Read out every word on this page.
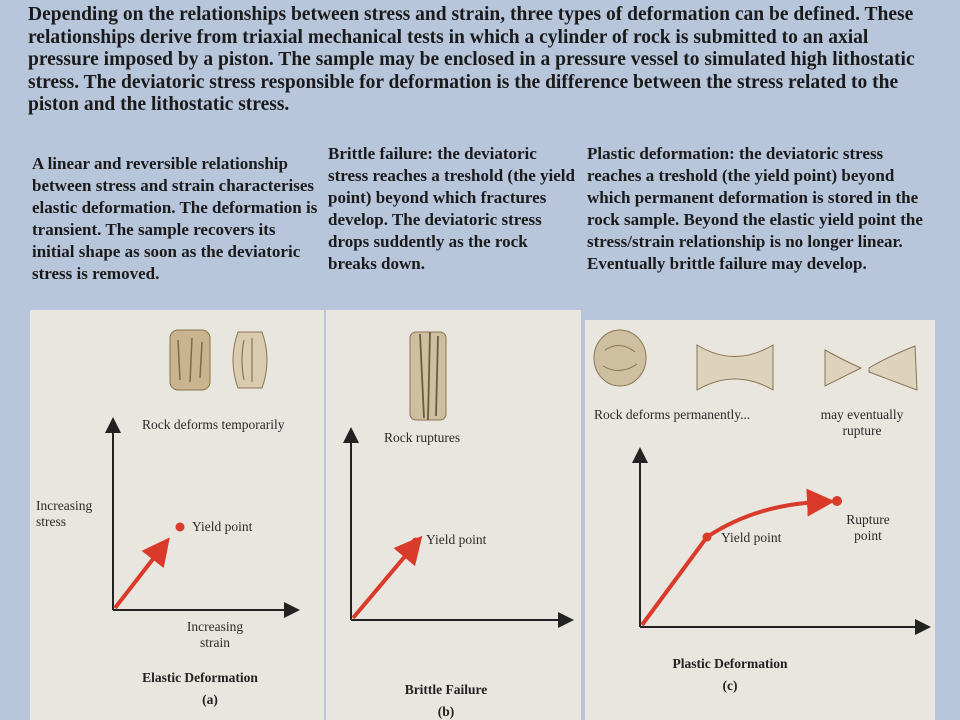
Depending on the relationships between stress and strain, three types of deformation can be defined. These relationships derive from triaxial mechanical tests in which a cylinder of rock is submitted to an axial pressure imposed by a piston. The sample may be enclosed in a pressure vessel to simulated high lithostatic stress. The deviatoric stress responsible for deformation is the difference between the stress related to the piston and the lithostatic stress.
A linear and reversible relationship between stress and strain characterises elastic deformation. The deformation is transient. The sample recovers its initial shape as soon as the deviatoric stress is removed.
Brittle failure: the deviatoric stress reaches a treshold (the yield point) beyond which fractures develop. The deviatoric stress drops suddently as the rock breaks down.
Plastic deformation: the deviatoric stress reaches a treshold (the yield point) beyond which permanent deformation is stored in the rock sample. Beyond the elastic yield point the stress/strain relationship is no longer linear. Eventually brittle failure may develop.
Rock deforms temporarily
Increasing stress	Yield point
Increasing strain
Elastic Deformation
(a)
Rock ruptures
Yield point
Brittle Failure
(b)
Rock deforms permanently...	may eventually rupture
Yield point
Rupture point
Plastic Deformation
(c)
